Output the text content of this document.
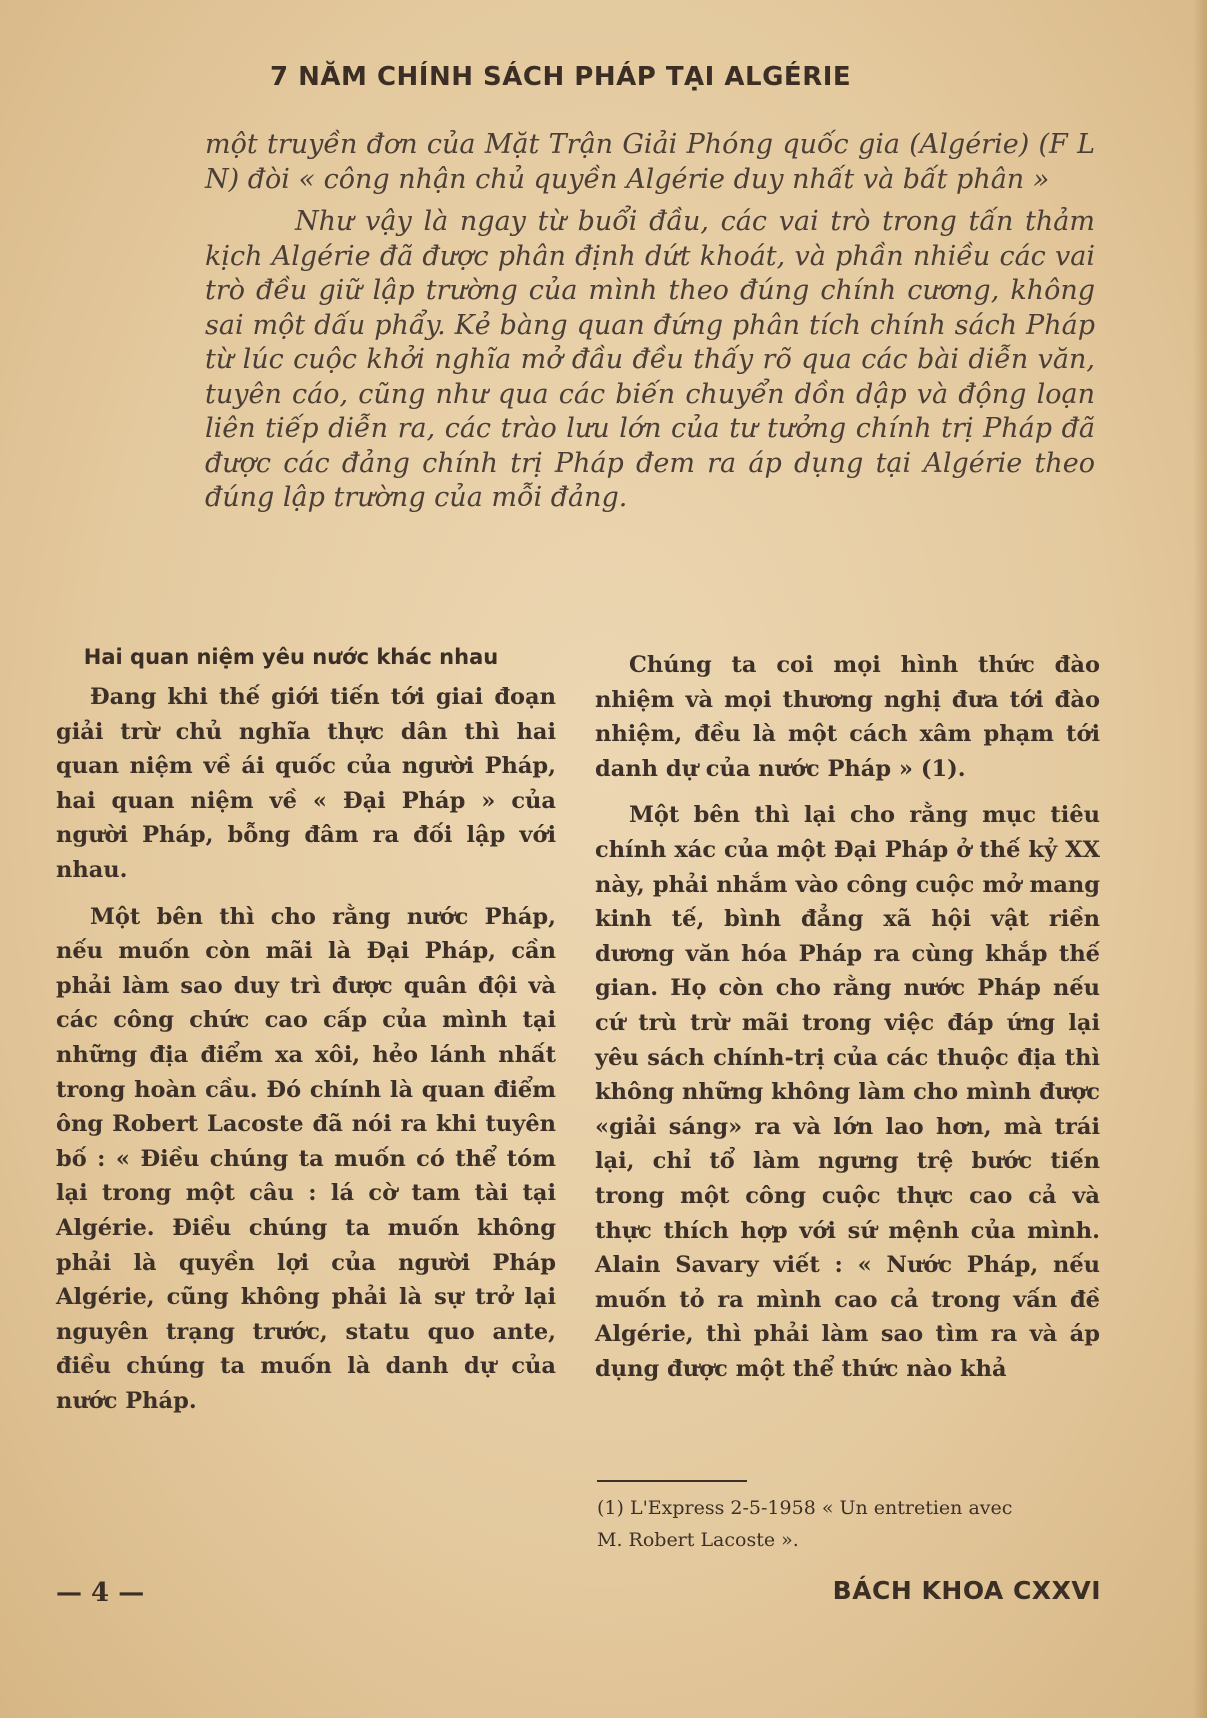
7 NĂM CHÍNH SÁCH PHÁP TẠI ALGÉRIE

một truyền đơn của Mặt Trận Giải Phóng quốc gia (Algérie) (F L N) đòi « công nhận chủ quyền Algérie duy nhất và bất phân »

Như vậy là ngay từ buổi đầu, các vai trò trong tấn thảm kịch Algérie đã được phân định dứt khoát, và phần nhiều các vai trò đều giữ lập trường của mình theo đúng chính cương, không sai một dấu phẩy. Kẻ bàng quan đứng phân tích chính sách Pháp từ lúc cuộc khởi nghĩa mở đầu đều thấy rõ qua các bài diễn văn, tuyên cáo, cũng như qua các biến chuyển dồn dập và động loạn liên tiếp diễn ra, các trào lưu lớn của tư tưởng chính trị Pháp đã được các đảng chính trị Pháp đem ra áp dụng tại Algérie theo đúng lập trường của mỗi đảng.

Hai quan niệm yêu nước khác nhau

Đang khi thế giới tiến tới giai đoạn giải trừ chủ nghĩa thực dân thì hai quan niệm về ái quốc của người Pháp, hai quan niệm về « Đại Pháp » của người Pháp, bỗng đâm ra đối lập với nhau.

Một bên thì cho rằng nước Pháp, nếu muốn còn mãi là Đại Pháp, cần phải làm sao duy trì được quân đội và các công chức cao cấp của mình tại những địa điểm xa xôi, hẻo lánh nhất trong hoàn cầu. Đó chính là quan điểm ông Robert Lacoste đã nói ra khi tuyên bố : « Điều chúng ta muốn có thể tóm lại trong một câu : lá cờ tam tài tại Algérie. Điều chúng ta muốn không phải là quyền lợi của người Pháp Algérie, cũng không phải là sự trở lại nguyên trạng trước, statu quo ante, điều chúng ta muốn là danh dự của nước Pháp.

Chúng ta coi mọi hình thức đào nhiệm và mọi thương nghị đưa tới đào nhiệm, đều là một cách xâm phạm tới danh dự của nước Pháp » (1).

Một bên thì lại cho rằng mục tiêu chính xác của một Đại Pháp ở thế kỷ XX này, phải nhắm vào công cuộc mở mang kinh tế, bình đẳng xã hội vật riền dương văn hóa Pháp ra cùng khắp thế gian. Họ còn cho rằng nước Pháp nếu cứ trù trừ mãi trong việc đáp ứng lại yêu sách chính-trị của các thuộc địa thì không những không làm cho mình được «giải sáng» ra và lớn lao hơn, mà trái lại, chỉ tổ làm ngưng trệ bước tiến trong một công cuộc thực cao cả và thực thích hợp với sứ mệnh của mình. Alain Savary viết : « Nước Pháp, nếu muốn tỏ ra mình cao cả trong vấn đề Algérie, thì phải làm sao tìm ra và áp dụng được một thể thức nào khả

(1) L'Express 2-5-1958 « Un entretien avec

M. Robert Lacoste ».

— 4 —	BÁCH KHOA CXXVI
